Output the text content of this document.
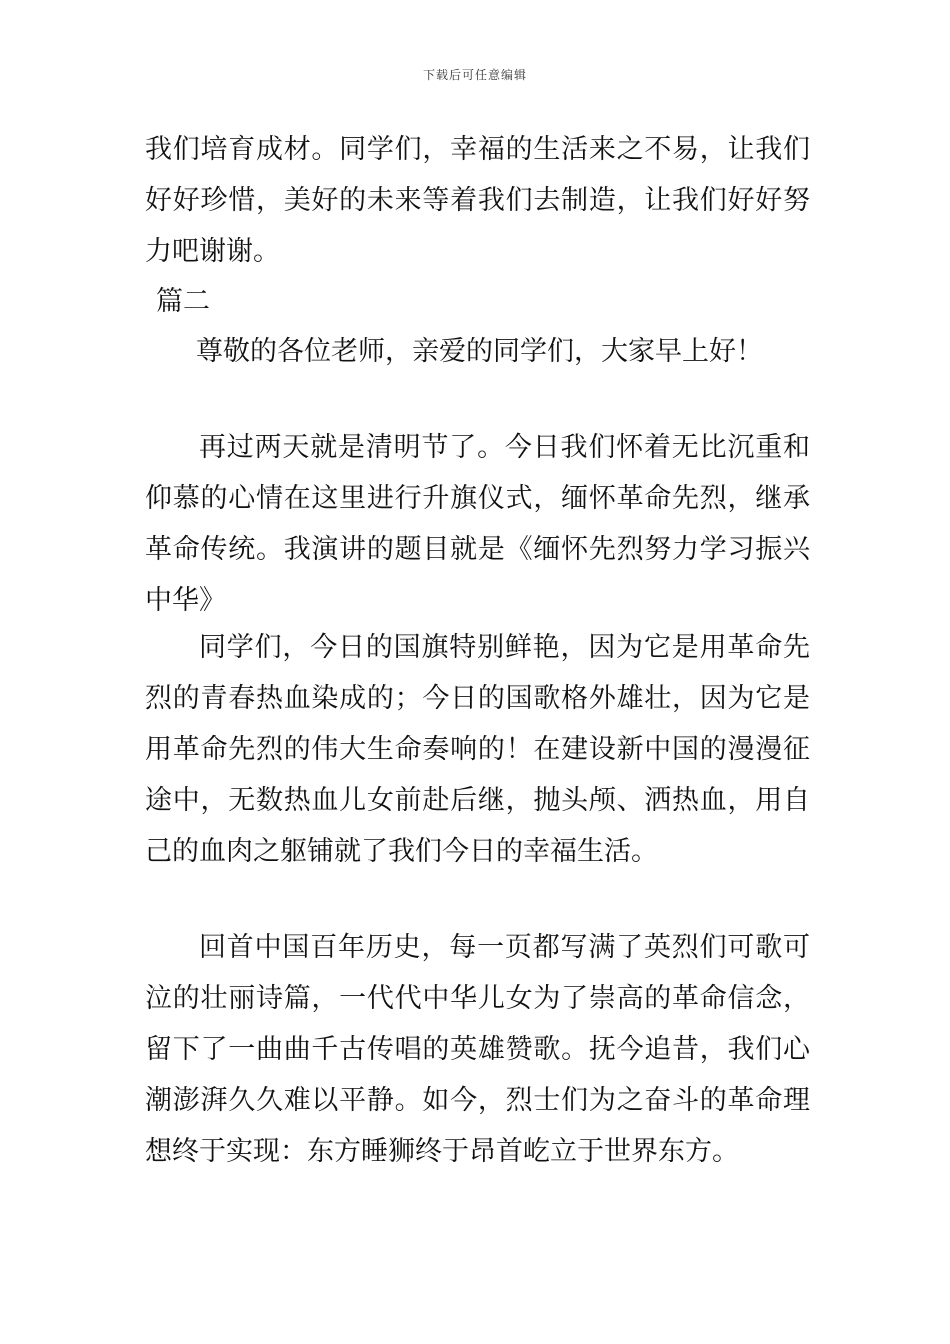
下载后可任意编辑

我们培育成材。同学们，幸福的生活来之不易，让我们好好珍惜，美好的未来等着我们去制造，让我们好好努力吧谢谢。

篇二
尊敬的各位老师，亲爱的同学们，大家早上好！

再过两天就是清明节了。今日我们怀着无比沉重和仰慕的心情在这里进行升旗仪式，缅怀革命先烈，继承革命传统。我演讲的题目就是《缅怀先烈努力学习振兴中华》

同学们，今日的国旗特别鲜艳，因为它是用革命先烈的青春热血染成的；今日的国歌格外雄壮，因为它是用革命先烈的伟大生命奏响的！在建设新中国的漫漫征途中，无数热血儿女前赴后继，抛头颅、洒热血，用自己的血肉之躯铺就了我们今日的幸福生活。

回首中国百年历史，每一页都写满了英烈们可歌可泣的壮丽诗篇，一代代中华儿女为了崇高的革命信念，留下了一曲曲千古传唱的英雄赞歌。抚今追昔，我们心潮澎湃久久难以平静。如今，烈士们为之奋斗的革命理想终于实现：东方睡狮终于昂首屹立于世界东方。
